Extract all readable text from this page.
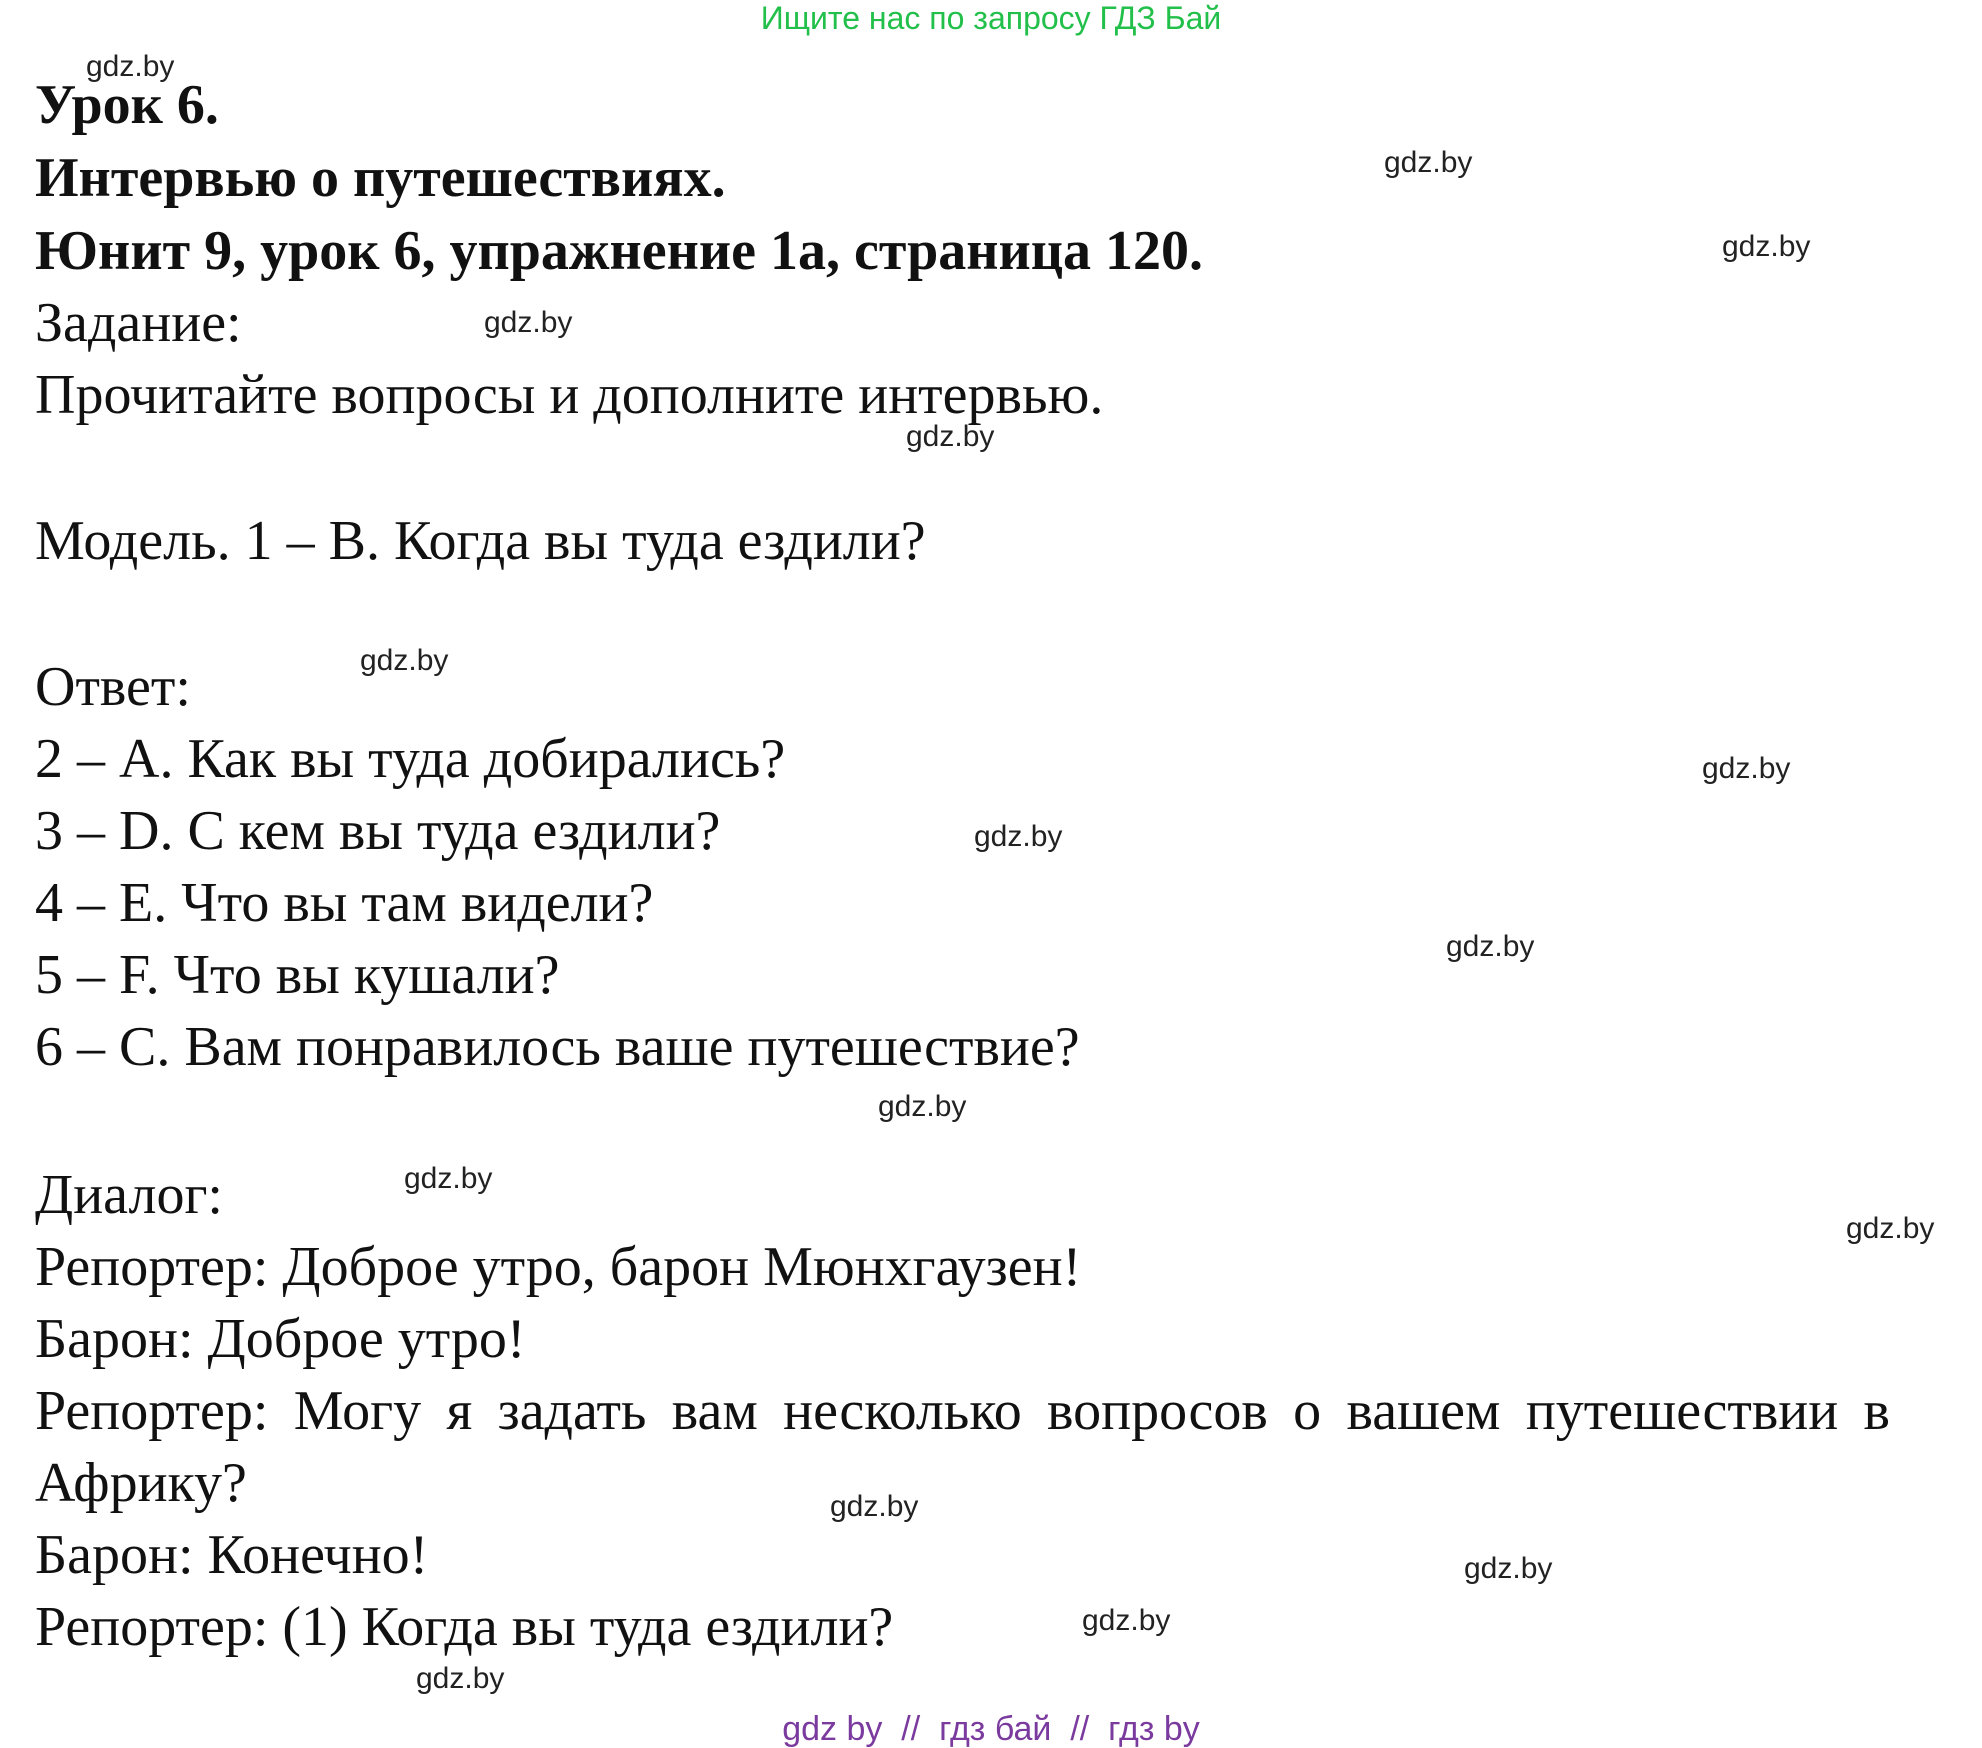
Ищите нас по запросу ГДЗ Бай
Урок 6.
Интервью о путешествиях.
Юнит 9, урок 6, упражнение 1а, страница 120.
Задание:
Прочитайте вопросы и дополните интервью.
Модель. 1 – В. Когда вы туда ездили?
Ответ:
2 – А. Как вы туда добирались?
3 – D. С кем вы туда ездили?
4 – Е. Что вы там видели?
5 – F. Что вы кушали?
6 – С. Вам понравилось ваше путешествие?
Диалог:
Репортер: Доброе утро, барон Мюнхгаузен!
Барон: Доброе утро!
Репортер: Могу я задать вам несколько вопросов о вашем путешествии в
Африку?
Барон: Конечно!
Репортер: (1) Когда вы туда ездили?
gdz.by
gdz.by
gdz.by
gdz.by
gdz.by
gdz.by
gdz.by
gdz.by
gdz.by
gdz.by
gdz.by
gdz.by
gdz.by
gdz.by
gdz.by
gdz.by
gdz by  //  гдз бай  //  гдз by
